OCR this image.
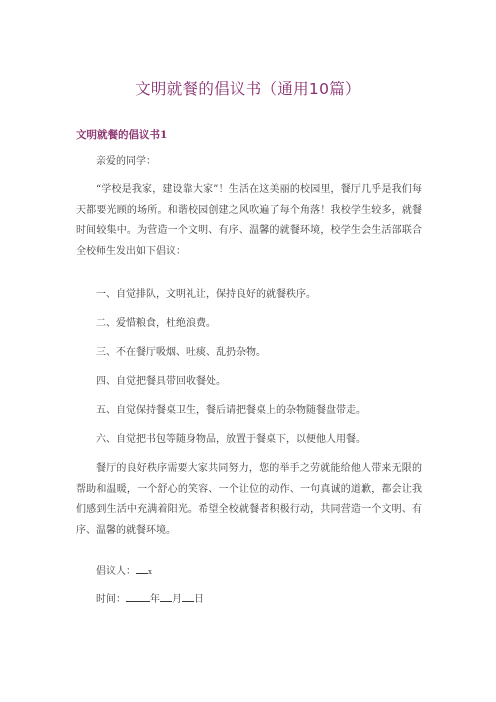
文明就餐的倡议书（通用10篇）
文明就餐的倡议书1

亲爱的同学：

“学校是我家，建设靠大家”！生活在这美丽的校园里，餐厅几乎是我们每天都要光顾的场所。和谐校园创建之风吹遍了每个角落！我校学生较多，就餐时间较集中。为营造一个文明、有序、温馨的就餐环境，校学生会生活部联合全校师生发出如下倡议：

一、自觉排队，文明礼让，保持良好的就餐秩序。

二、爱惜粮食，杜绝浪费。

三、不在餐厅吸烟、吐痰、乱扔杂物。

四、自觉把餐具带回收餐处。

五、自觉保持餐桌卫生，餐后请把餐桌上的杂物随餐盘带走。

六、自觉把书包等随身物品，放置于餐桌下，以便他人用餐。

餐厅的良好秩序需要大家共同努力，您的举手之劳就能给他人带来无限的帮助和温暖，一个舒心的笑容、一个让位的动作、一句真诚的道歉，都会让我们感到生活中充满着阳光。希望全校就餐者积极行动，共同营造一个文明、有序、温馨的就餐环境。

倡议人： x

时间： 年 月 日
